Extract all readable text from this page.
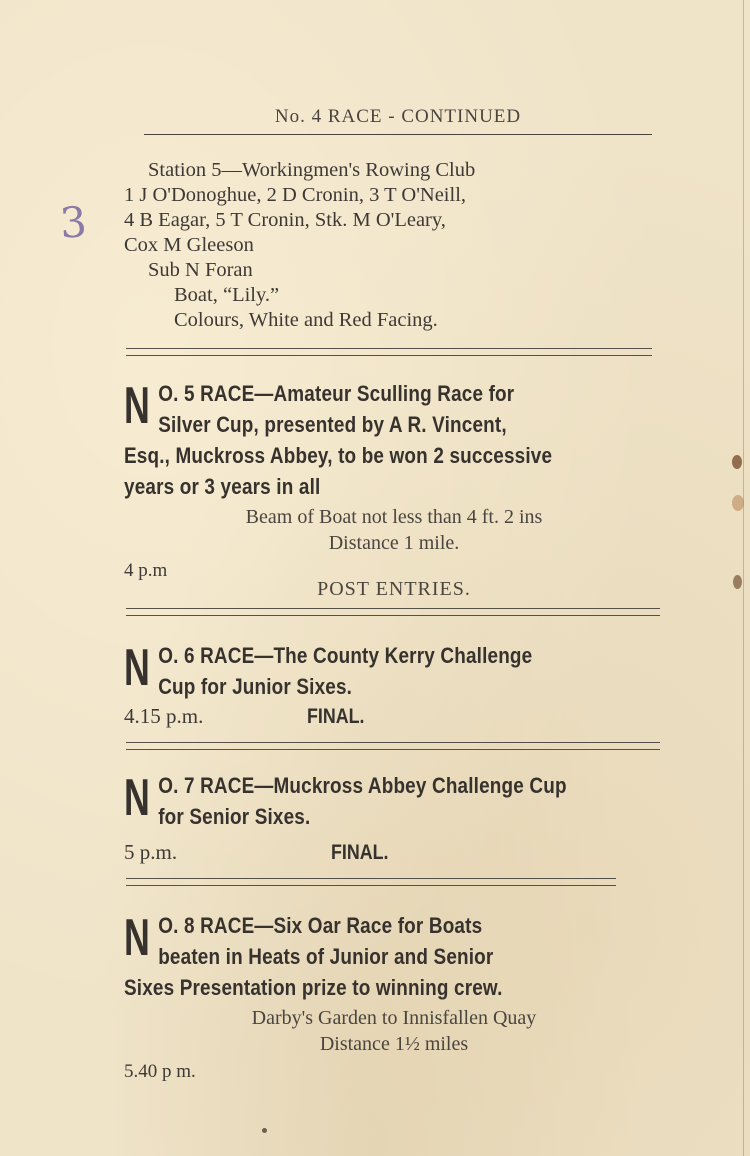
3
No. 4 RACE - CONTINUED
Station 5—Workingmen's Rowing Club
1 J O'Donoghue, 2 D Cronin, 3 T O'Neill,
4 B Eagar, 5 T Cronin, Stk. M O'Leary,
Cox M Gleeson
Sub N Foran
Boat, “Lily.”
Colours, White and Red Facing.
N O. 5 RACE—Amateur Sculling Race for
Silver Cup, presented by A R. Vincent,
Esq., Muckross Abbey, to be won 2 successive
years or 3 years in all
Beam of Boat not less than 4 ft. 2 ins
Distance 1 mile.
4 p.m
POST ENTRIES.
N O. 6 RACE—The County Kerry Challenge
Cup for Junior Sixes.
4.15 p.m.	FINAL.
N O. 7 RACE—Muckross Abbey Challenge Cup
for Senior Sixes.
5 p.m.	FINAL.
N O. 8 RACE—Six Oar Race for Boats
beaten in Heats of Junior and Senior
Sixes Presentation prize to winning crew.
Darby's Garden to Innisfallen Quay
Distance 1½ miles
5.40 p m.
